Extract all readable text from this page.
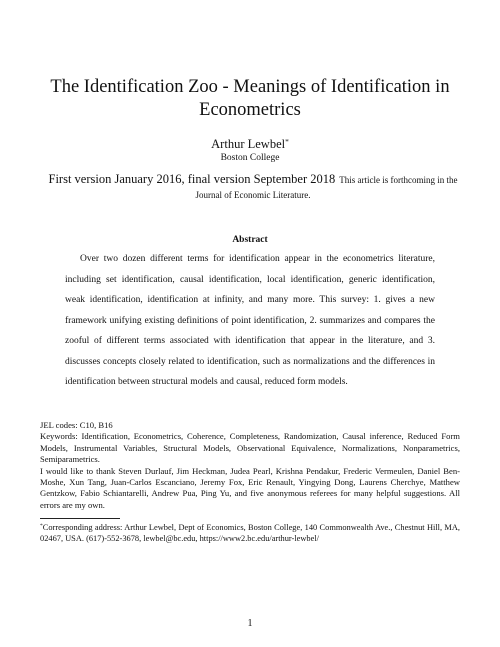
The Identification Zoo - Meanings of Identification in Econometrics
Arthur Lewbel*
Boston College
First version January 2016, final version September 2018 This article is forthcoming in the Journal of Economic Literature.
Abstract
Over two dozen different terms for identification appear in the econometrics literature, including set identification, causal identification, local identification, generic identification, weak identification, identification at infinity, and many more. This survey: 1. gives a new framework unifying existing definitions of point identification, 2. summarizes and compares the zooful of different terms associated with identification that appear in the literature, and 3. discusses concepts closely related to identification, such as normalizations and the differences in identification between structural models and causal, reduced form models.

JEL codes: C10, B16

Keywords: Identification, Econometrics, Coherence, Completeness, Randomization, Causal inference, Reduced Form Models, Instrumental Variables, Structural Models, Observational Equivalence, Normalizations, Nonparametrics, Semiparametrics.

I would like to thank Steven Durlauf, Jim Heckman, Judea Pearl, Krishna Pendakur, Frederic Vermeulen, Daniel Ben-Moshe, Xun Tang, Juan-Carlos Escanciano, Jeremy Fox, Eric Renault, Yingying Dong, Laurens Cherchye, Matthew Gentzkow, Fabio Schiantarelli, Andrew Pua, Ping Yu, and five anonymous referees for many helpful suggestions. All errors are my own.

*Corresponding address: Arthur Lewbel, Dept of Economics, Boston College, 140 Commonwealth Ave., Chestnut Hill, MA, 02467, USA. (617)-552-3678, lewbel@bc.edu, https://www2.bc.edu/arthur-lewbel/
1
